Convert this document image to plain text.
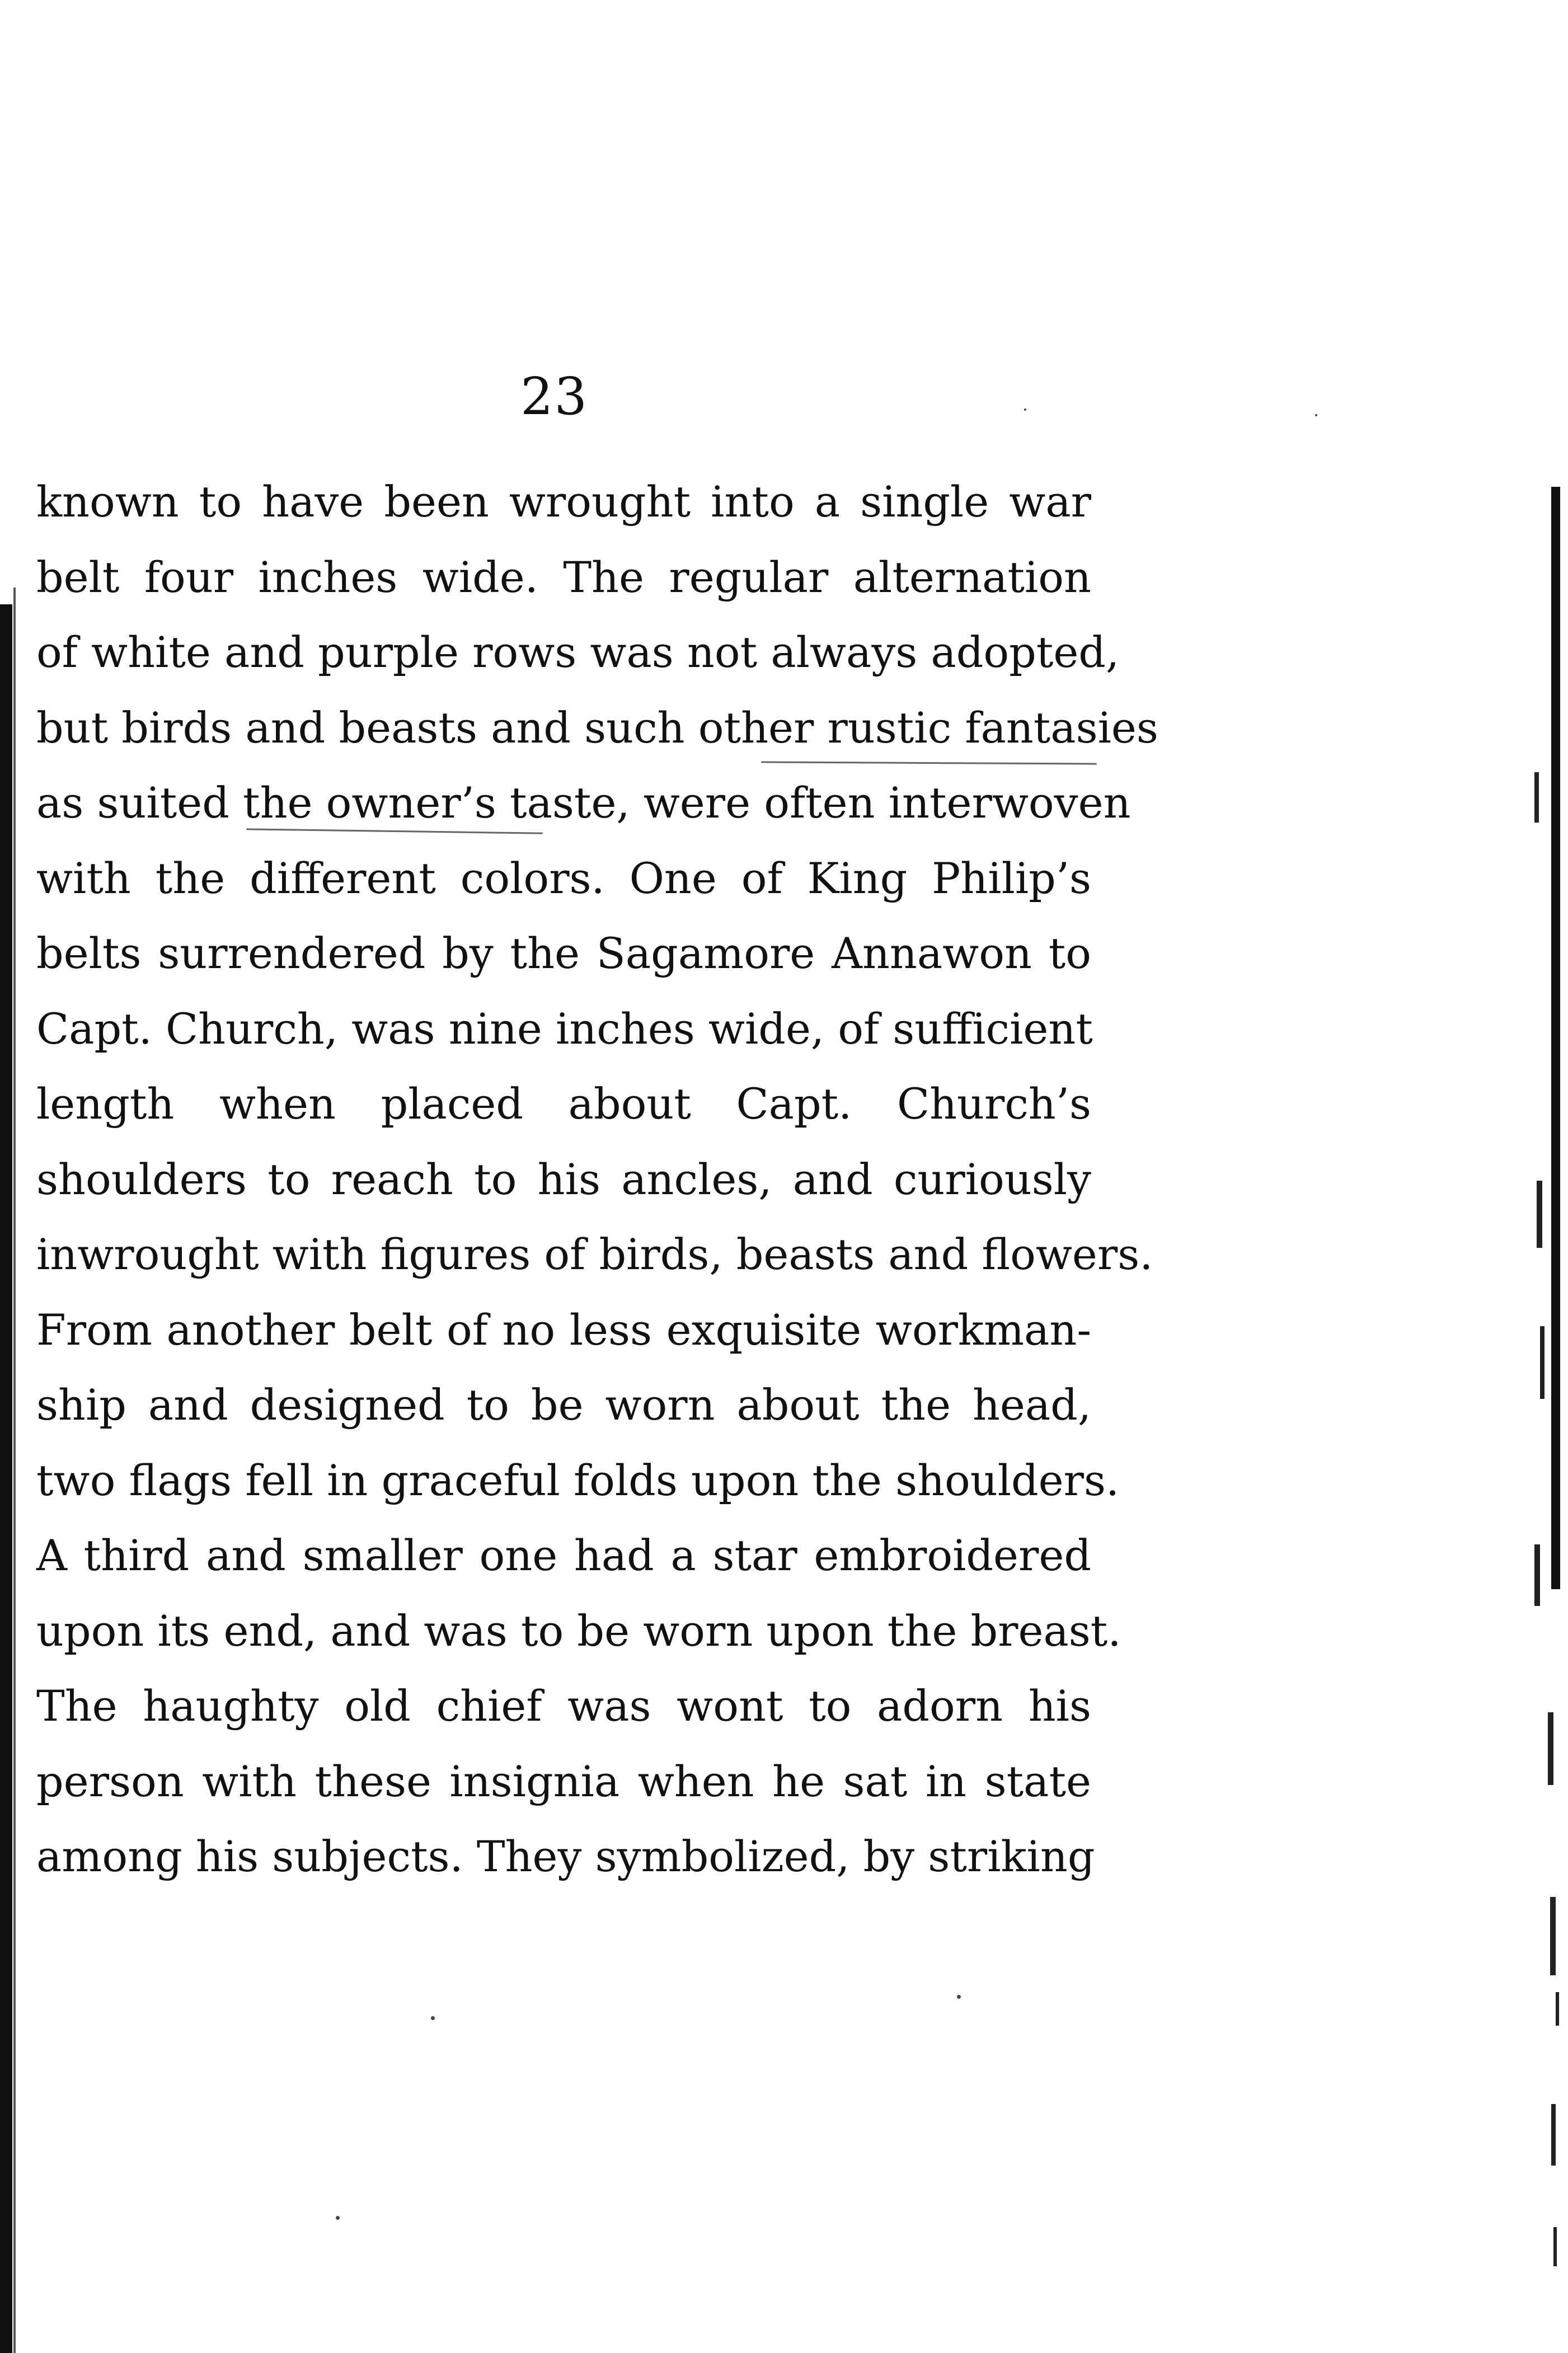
23
known to have been wrought into a single war
belt four inches wide. The regular alternation
of white and purple rows was not always adopted,
but birds and beasts and such other rustic fantasies
as suited the owner’s taste, were often interwoven
with the different colors. One of King Philip’s
belts surrendered by the Sagamore Annawon to
Capt. Church, was nine inches wide, of sufficient
length when placed about Capt. Church’s
shoulders to reach to his ancles, and curiously
inwrought with figures of birds, beasts and flowers.
From another belt of no less exquisite workman-
ship and designed to be worn about the head,
two flags fell in graceful folds upon the shoulders.
A third and smaller one had a star embroidered
upon its end, and was to be worn upon the breast.
The haughty old chief was wont to adorn his
person with these insignia when he sat in state
among his subjects. They symbolized, by striking
